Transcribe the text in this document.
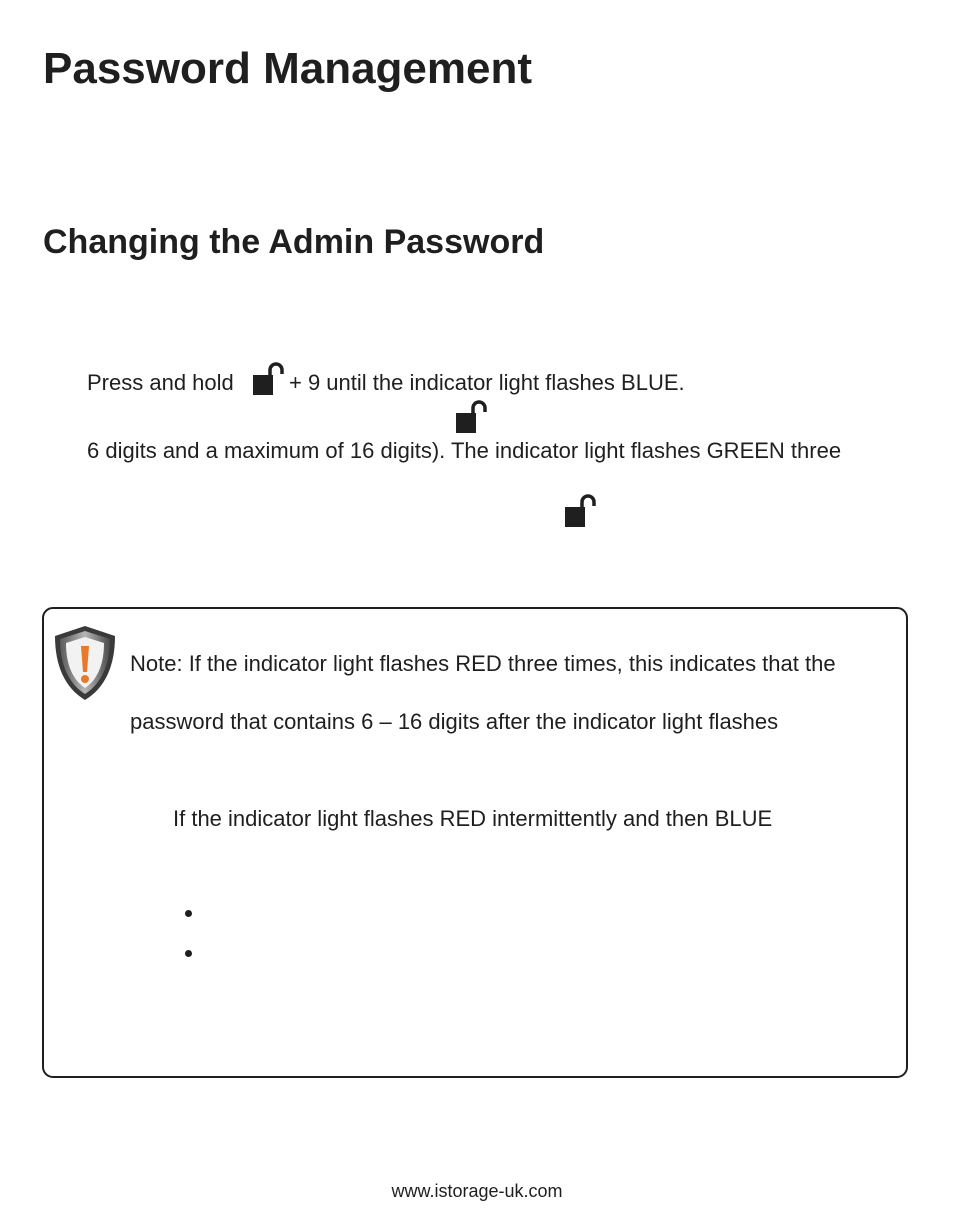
Password Management
Changing the Admin Password
Press and hold	+ 9 until the indicator light flashes BLUE.
6 digits and a maximum of 16 digits). The indicator light flashes GREEN three
Note: If the indicator light flashes RED three times, this indicates that the
password that contains 6 – 16 digits after the indicator light flashes
If the indicator light flashes RED intermittently and then BLUE
www.istorage-uk.com
